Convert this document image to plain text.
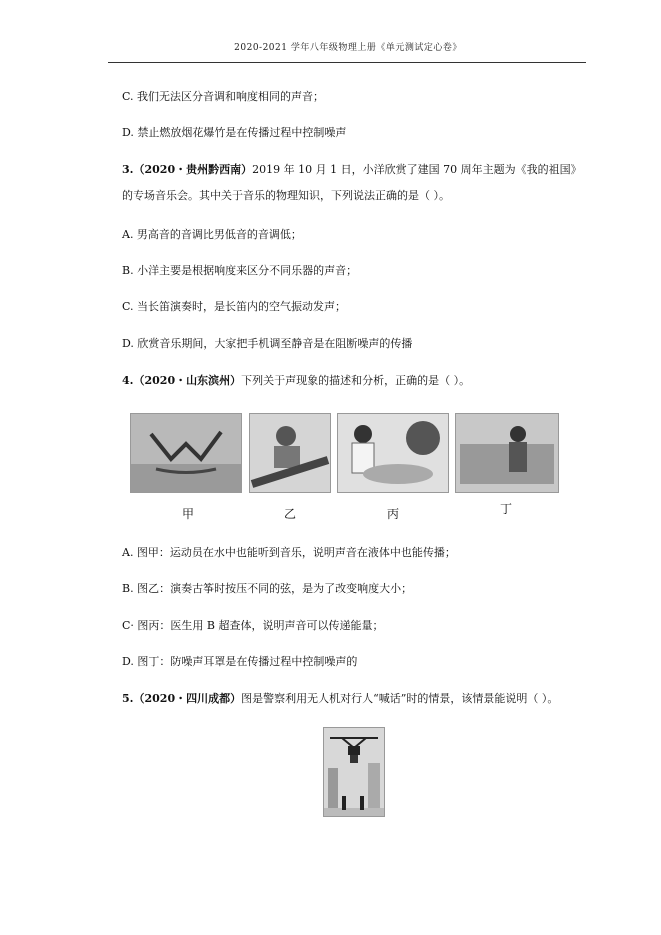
2020-2021 学年八年级物理上册《单元测试定心卷》
C. 我们无法区分音调和响度相同的声音；
D. 禁止燃放烟花爆竹是在传播过程中控制噪声
3.（2020・贵州黔西南）2019 年 10 月 1 日，小洋欣赏了建国 70 周年主题为《我的祖国》
的专场音乐会。其中关于音乐的物理知识，下列说法正确的是（ ）。
A. 男高音的音调比男低音的音调低；
B. 小洋主要是根据响度来区分不同乐器的声音；
C. 当长笛演奏时，是长笛内的空气振动发声；
D. 欣赏音乐期间，大家把手机调至静音是在阻断噪声的传播
4.（2020・山东滨州）下列关于声现象的描述和分析，正确的是（ ）。
甲	乙	丙	丁
A. 图甲：运动员在水中也能听到音乐，说明声音在液体中也能传播；
B. 图乙：演奏古筝时按压不同的弦，是为了改变响度大小；
C· 图丙：医生用 B 超查体，说明声音可以传递能量；
D. 图丁：防噪声耳罩是在传播过程中控制噪声的
5.（2020・四川成都）图是警察利用无人机对行人“喊话”时的情景，该情景能说明（ ）。
